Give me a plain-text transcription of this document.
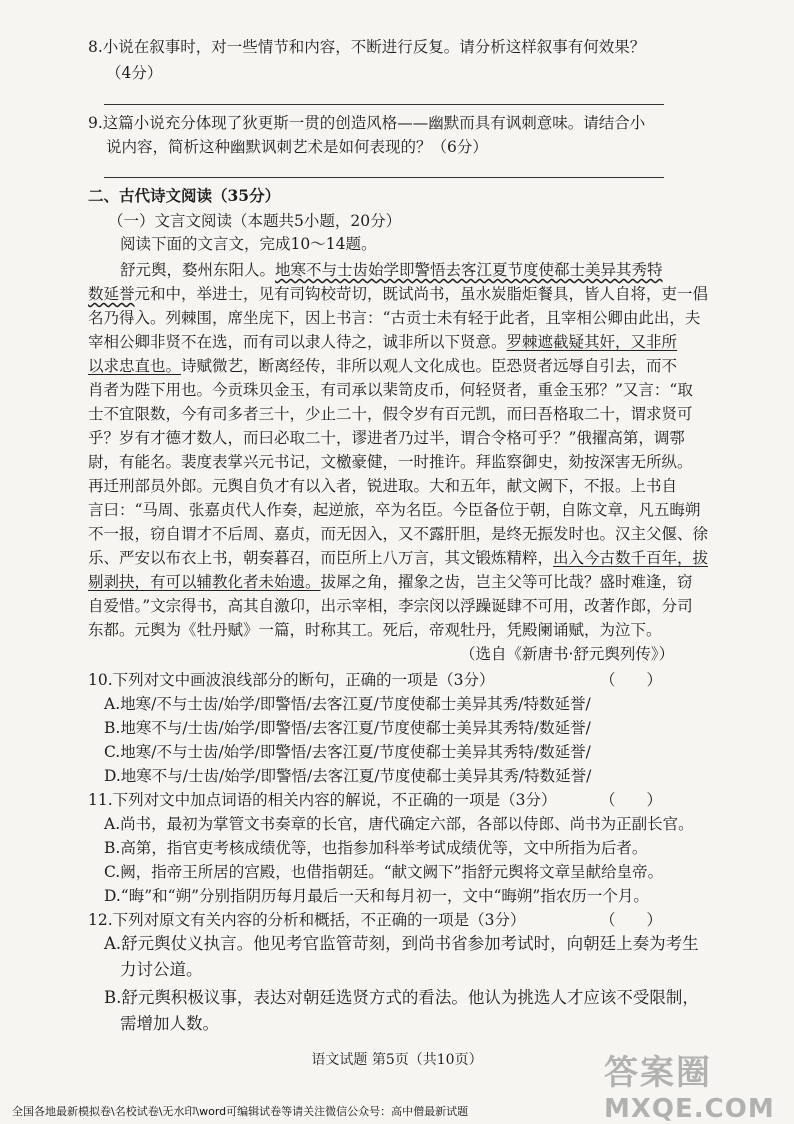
8.小说在叙事时，对一些情节和内容，不断进行反复。请分析这样叙事有何效果？
（4分）
9.这篇小说充分体现了狄更斯一贯的创造风格——幽默而具有讽刺意味。请结合小
说内容，简析这种幽默讽刺艺术是如何表现的？（6分）
二、古代诗文阅读（35分）
（一）文言文阅读（本题共5小题，20分）
阅读下面的文言文，完成10～14题。
舒元舆，婺州东阳人。地寒不与士齿始学即警悟去客江夏节度使郗士美异其秀特
数延誉元和中，举进士，见有司钩校苛切，既试尚书，虽水炭脂炬餐具，皆人自将，吏一倡
名乃得入。列棘围，席坐庑下，因上书言：“古贡士未有轻于此者，且宰相公卿由此出，夫
宰相公卿非贤不在选，而有司以隶人待之，诚非所以下贤意。罗棘遮截疑其奸，又非所
以求忠直也。诗赋微艺，断离经传，非所以观人文化成也。臣恐贤者远辱自引去，而不
肖者为陛下用也。今贡珠贝金玉，有司承以棐笥皮币，何轻贤者，重金玉邪？”又言：“取
士不宜限数，今有司多者三十，少止二十，假令岁有百元凯，而曰吾格取二十，谓求贤可
乎？岁有才德才数人，而曰必取二十，谬进者乃过半，谓合令格可乎？”俄擢高第，调鄠
尉，有能名。裴度表掌兴元书记，文檄豪健，一时推许。拜监察御史，劾按深害无所纵。
再迁刑部员外郎。元舆自负才有以入者，锐进取。大和五年，献文阙下，不报。上书自
言曰：“马周、张嘉贞代人作奏，起逆旅，卒为名臣。今臣备位于朝，自陈文章，凡五晦朔
不一报，窃自谓才不后周、嘉贞，而无因入，又不露肝胆，是终无振发时也。汉主父偃、徐
乐、严安以布衣上书，朝奏暮召，而臣所上八万言，其文锻炼精粹，出入今古数千百年，拔
剔剥抉，有可以辅教化者未始遗。拔犀之角，擢象之齿，岂主父等可比哉？盛时难逢，窃
自爱惜。”文宗得书，高其自激卬，出示宰相，李宗闵以浮躁诞肆不可用，改著作郎，分司
东都。元舆为《牡丹赋》一篇，时称其工。死后，帝观牡丹，凭殿阑诵赋，为泣下。
（选自《新唐书·舒元舆列传》）
10.下列对文中画波浪线部分的断句，正确的一项是（3分）	（　　）
A.地寒/不与士齿/始学/即警悟/去客江夏/节度使郗士美异其秀/特数延誉/
B.地寒不与/士齿/始学/即警悟/去客江夏/节度使郗士美异其秀特/数延誉/
C.地寒/不与士齿/始学/即警悟/去客江夏/节度使郗士美异其秀特/数延誉/
D.地寒不与/士齿/始学/即警悟/去客江夏/节度使郗士美异其秀/特数延誉/
11.下列对文中加点词语的相关内容的解说，不正确的一项是（3分）	（　　）
A.尚书，最初为掌管文书奏章的长官，唐代确定六部，各部以侍郎、尚书为正副长官。
B.高第，指官吏考核成绩优等，也指参加科举考试成绩优等，文中所指为后者。
C.阙，指帝王所居的宫殿，也借指朝廷。“献文阙下”指舒元舆将文章呈献给皇帝。
D.“晦”和“朔”分别指阴历每月最后一天和每月初一，文中“晦朔”指农历一个月。
12.下列对原文有关内容的分析和概括，不正确的一项是（3分）	（　　）
A.舒元舆仗义执言。他见考官监管苛刻，到尚书省参加考试时，向朝廷上奏为考生
力讨公道。
B.舒元舆积极议事，表达对朝廷选贤方式的看法。他认为挑选人才应该不受限制，
需增加人数。
语文试题 第5页（共10页）	答案圈
MXQE.COM
全国各地最新模拟卷\名校试卷\无水印\word可编辑试卷等请关注微信公众号：高中僧最新试题
